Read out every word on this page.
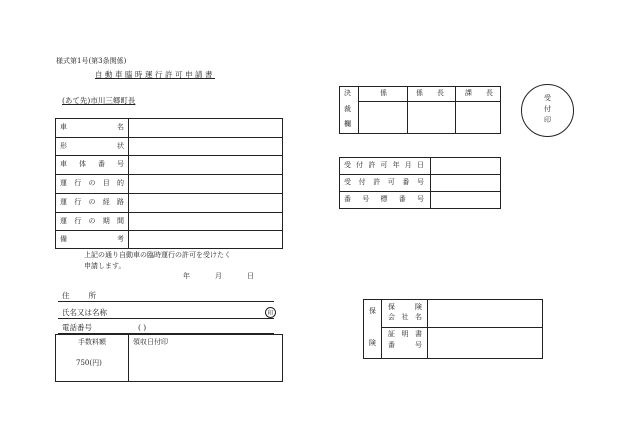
様式第1号(第3条関係)
自動車臨時運行許可申請書
(あて先)市川三郷町長
車	名
形	状
車 体 番 号
運 行 の 目 的
運 行 の 経 路
運 行 の 期 間
備	考
上記の通り自動車の臨時運行の許可を受けたく
申請します。
年	月	日
住	所
氏名又は名称	印
電話番号	( )
手数料額
750(円)
領収日付印
決
裁
欄
係	係 長	課 長
受
付
印
受 付 許 可 年 月 日
受 付 許 可 番 号
番 号 標 番 号
保
険
保	険
会 社 名
証 明 書
番	号
